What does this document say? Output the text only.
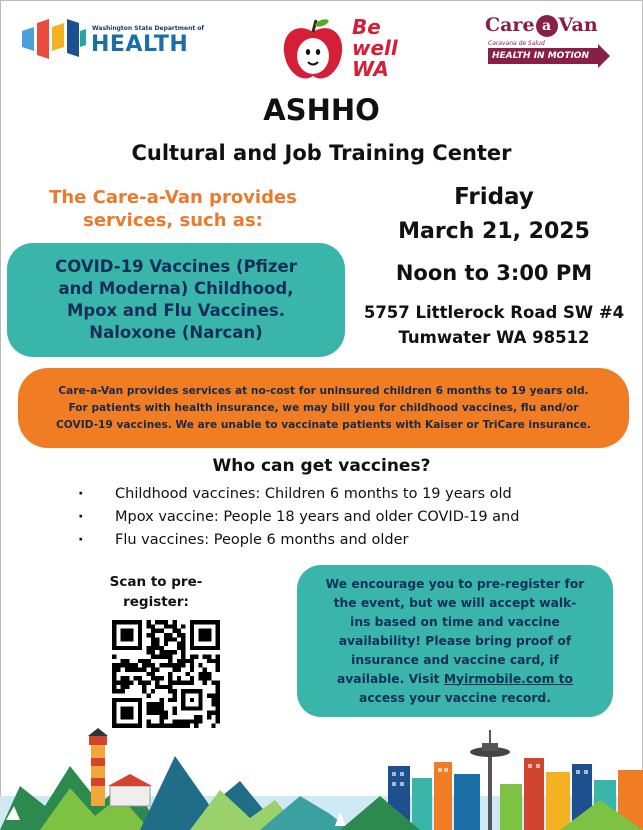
Washington State Department of
HEALTH
Be
well
WA
Care a Van
Caravana de Salud
HEALTH IN MOTION
ASHHO
Cultural and Job Training Center
The Care-a-Van provides
services, such as:
COVID-19 Vaccines (Pfizer
and Moderna) Childhood,
Mpox and Flu Vaccines.
Naloxone (Narcan)
Friday
March 21, 2025
Noon to 3:00 PM
5757 Littlerock Road SW #4
Tumwater WA 98512
Care-a-Van provides services at no-cost for uninsured children 6 months to 19 years old.
For patients with health insurance, we may bill you for childhood vaccines, flu and/or
COVID-19 vaccines. We are unable to vaccinate patients with Kaiser or TriCare insurance.
Who can get vaccines?
· Childhood vaccines: Children 6 months to 19 years old
· Mpox vaccine: People 18 years and older COVID-19 and
· Flu vaccines: People 6 months and older
Scan to pre-
register:
We encourage you to pre-register for
the event, but we will accept walk-
ins based on time and vaccine
availability! Please bring proof of
insurance and vaccine card, if
available. Visit Myirmobile.com to
access your vaccine record.
